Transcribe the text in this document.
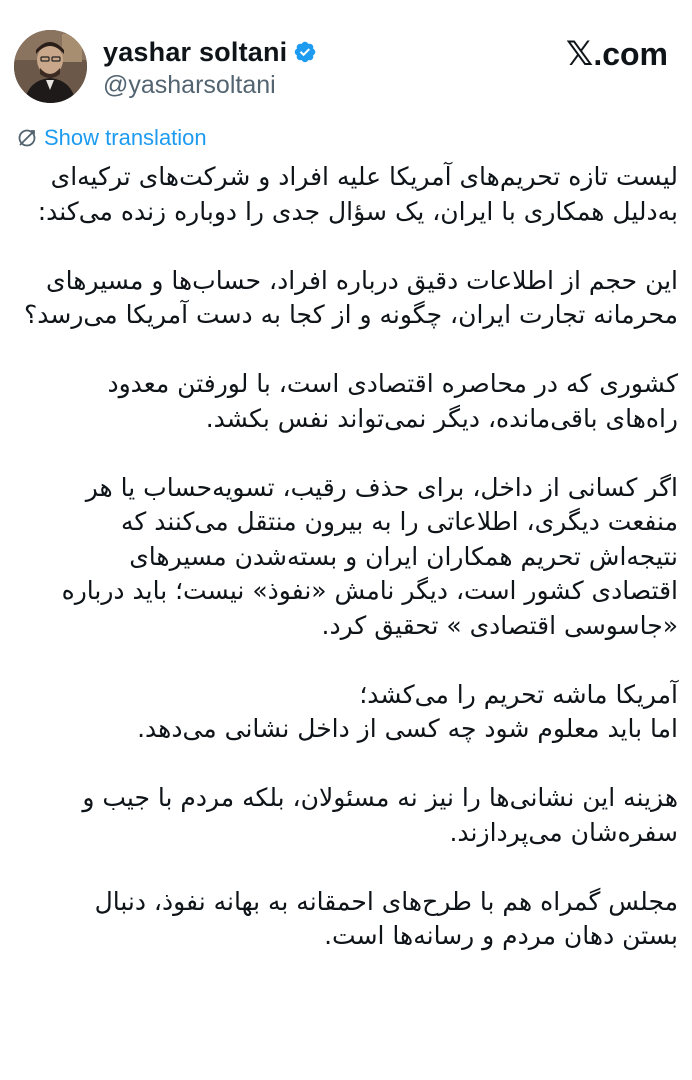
yashar soltani
@yasharsoltani
𝕏 .com
Show translation
لیست تازه تحریم‌های آمریکا علیه افراد و شرکت‌های ترکیه‌ای
به‌دلیل همکاری با ایران، یک سؤال جدی را دوباره زنده می‌کند:
این حجم از اطلاعات دقیق درباره افراد، حساب‌ها و مسیرهای
محرمانه تجارت ایران، چگونه و از کجا به دست آمریکا می‌رسد؟
کشوری که در محاصره اقتصادی است، با لورفتن معدود
راه‌های باقی‌مانده، دیگر نمی‌تواند نفس بکشد.
اگر کسانی از داخل، برای حذف رقیب، تسویه‌حساب یا هر
منفعت دیگری، اطلاعاتی را به بیرون منتقل می‌کنند که
نتیجه‌اش تحریم همکاران ایران و بسته‌شدن مسیرهای
اقتصادی کشور است، دیگر نامش «نفوذ» نیست؛ باید درباره
«جاسوسی اقتصادی » تحقیق کرد.
آمریکا ماشه تحریم را می‌کشد؛
اما باید معلوم شود چه کسی از داخل نشانی می‌دهد.
هزینه این نشانی‌ها را نیز نه مسئولان، بلکه مردم با جیب و
سفره‌شان می‌پردازند.
مجلس گمراه هم با طرح‌های احمقانه به بهانه نفوذ، دنبال
بستن دهان مردم و رسانه‌ها است.
